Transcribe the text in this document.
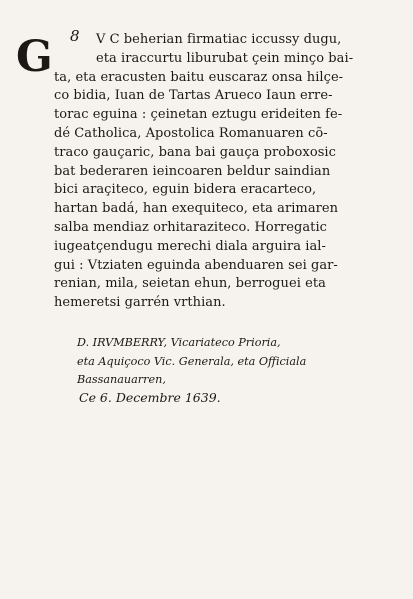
8
G	V C beherian firmatiac iccussy dugu,
eta iraccurtu liburubat çein minço bai-
ta, eta eracusten baitu euscaraz onsa hilçe-
co bidia, Iuan de Tartas Arueco Iaun erre-
torac eguina : çeinetan eztugu erideiten fe-
dé Catholica, Apostolica Romanuaren cõ-
traco gauçaric, bana bai gauça proboxosic
bat bederaren ieincoaren beldur saindian
bici araçiteco, eguin bidera eracarteco,
hartan badá, han exequiteco, eta arimaren
salba mendiaz orhitaraziteco. Horregatic
iugeatçendugu merechi diala arguira ial-
gui : Vtziaten eguinda abenduaren sei gar-
renian, mila, seietan ehun, berroguei eta
hemeretsi garrén vrthian.
D. IRVMBERRY, Vicariateco Prioria,
eta Aquiçoco Vic. Generala, eta Officiala
Bassanauarren,
Ce 6. Decembre 1639.
